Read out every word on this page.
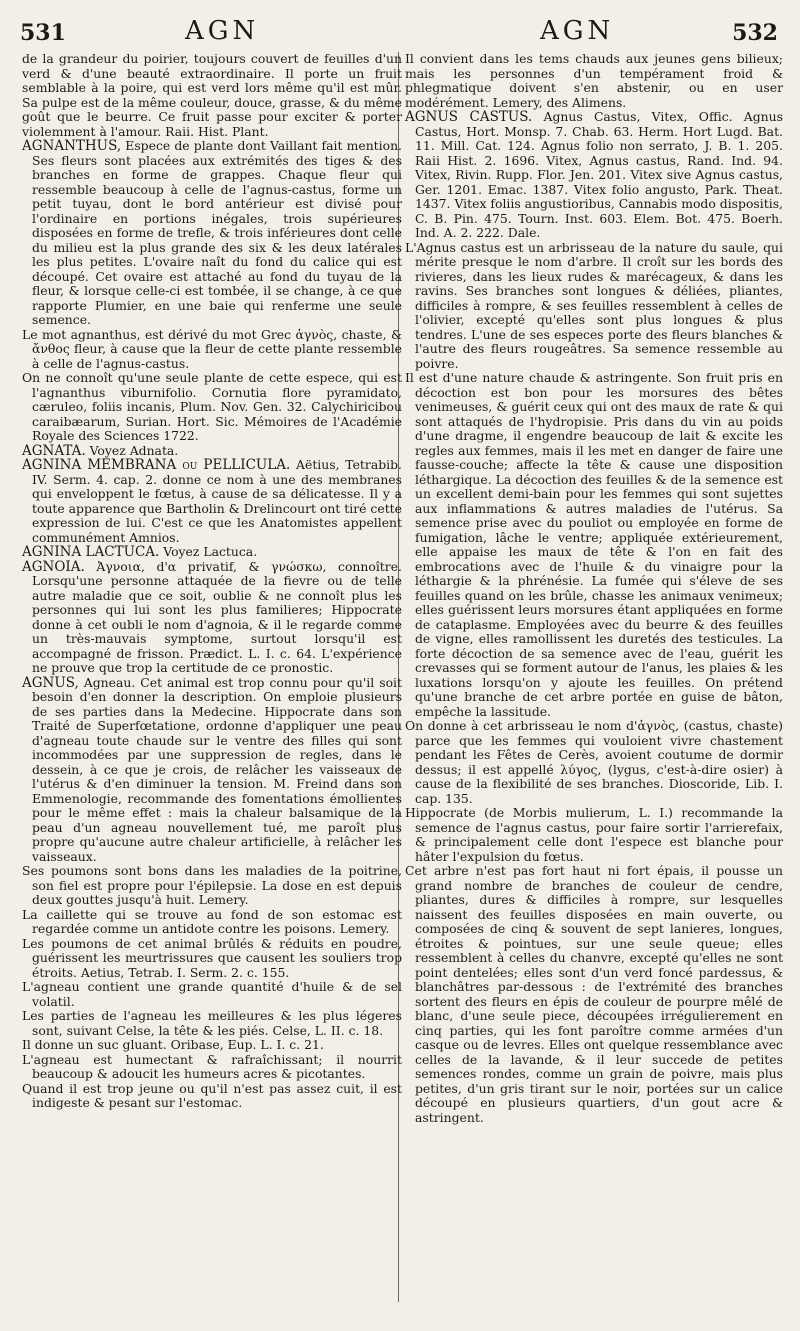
531	AGN	AGN	532

de la grandeur du poirier, toujours couvert de feuilles d'un verd & d'une beauté extraordinaire. Il porte un fruit semblable à la poire, qui est verd lors même qu'il est mûr. Sa pulpe est de la même couleur, douce, grasse, & du même goût que le beurre. Ce fruit passe pour exciter & porter violemment à l'amour. Raii. Hist. Plant.

AGNANTHUS, Espece de plante dont Vaillant fait mention. Ses fleurs sont placées aux extrémités des tiges & des branches en forme de grappes. Chaque fleur qui ressemble beaucoup à celle de l'agnus-castus, forme un petit tuyau, dont le bord antérieur est divisé pour l'ordinaire en portions inégales, trois supérieures disposées en forme de trefle, & trois inférieures dont celle du milieu est la plus grande des six & les deux latérales les plus petites. L'ovaire naît du fond du calice qui est découpé. Cet ovaire est attaché au fond du tuyau de la fleur, & lorsque celle-ci est tombée, il se change, à ce que rapporte Plumier, en une baie qui renferme une seule semence.

Le mot agnanthus, est dérivé du mot Grec ἁγνὸς, chaste, & ἄνθος fleur, à cause que la fleur de cette plante ressemble à celle de l'agnus-castus.

On ne connoît qu'une seule plante de cette espece, qui est l'agnanthus viburnifolio. Cornutia flore pyramidato, cæruleo, foliis incanis, Plum. Nov. Gen. 32. Calychiricibou caraibæarum, Surian. Hort. Sic. Mémoires de l'Académie Royale des Sciences 1722.

AGNATA. Voyez Adnata.

AGNINA MEMBRANA ou PELLICULA. Aëtius, Tetrabib. IV. Serm. 4. cap. 2. donne ce nom à une des membranes qui enveloppent le fœtus, à cause de sa délicatesse. Il y a toute apparence que Bartholin & Drelincourt ont tiré cette expression de lui. C'est ce que les Anatomistes appellent communément Amnios.

AGNINA LACTUCA. Voyez Lactuca.

AGNOIA. Ἀγνοια, d'α privatif, & γνώσκω, connoître. Lorsqu'une personne attaquée de la fievre ou de telle autre maladie que ce soit, oublie & ne connoît plus les personnes qui lui sont les plus familieres; Hippocrate donne à cet oubli le nom d'agnoia, & il le regarde comme un très-mauvais symptome, surtout lorsqu'il est accompagné de frisson. Prædict. L. I. c. 64. L'expérience ne prouve que trop la certitude de ce pronostic.

AGNUS, Agneau. Cet animal est trop connu pour qu'il soit besoin d'en donner la description. On emploie plusieurs de ses parties dans la Medecine. Hippocrate dans son Traité de Superfœtatione, ordonne d'appliquer une peau d'agneau toute chaude sur le ventre des filles qui sont incommodées par une suppression de regles, dans le dessein, à ce que je crois, de relâcher les vaisseaux de l'utérus & d'en diminuer la tension. M. Freind dans son Emmenologie, recommande des fomentations émollientes pour le même effet : mais la chaleur balsamique de la peau d'un agneau nouvellement tué, me paroît plus propre qu'aucune autre chaleur artificielle, à relâcher les vaisseaux.

Ses poumons sont bons dans les maladies de la poitrine, son fiel est propre pour l'épilepsie. La dose en est depuis deux gouttes jusqu'à huit. Lemery.

La caillette qui se trouve au fond de son estomac est regardée comme un antidote contre les poisons. Lemery.

Les poumons de cet animal brûlés & réduits en poudre, guérissent les meurtrissures que causent les souliers trop étroits. Aetius, Tetrab. I. Serm. 2. c. 155.

L'agneau contient une grande quantité d'huile & de sel volatil.

Les parties de l'agneau les meilleures & les plus légeres sont, suivant Celse, la tête & les piés. Celse, L. II. c. 18.

Il donne un suc gluant. Oribase, Eup. L. I. c. 21.

L'agneau est humectant & rafraîchissant; il nourrit beaucoup & adoucit les humeurs acres & picotantes.

Quand il est trop jeune ou qu'il n'est pas assez cuit, il est indigeste & pesant sur l'estomac.

Il convient dans les tems chauds aux jeunes gens bilieux; mais les personnes d'un tempérament froid & phlegmatique doivent s'en abstenir, ou en user modérément. Lemery, des Alimens.

AGNUS CASTUS. Agnus Castus, Vitex, Offic. Agnus Castus, Hort. Monsp. 7. Chab. 63. Herm. Hort Lugd. Bat. 11. Mill. Cat. 124. Agnus folio non serrato, J. B. 1. 205. Raii Hist. 2. 1696. Vitex, Agnus castus, Rand. Ind. 94. Vitex, Rivin. Rupp. Flor. Jen. 201. Vitex sive Agnus castus, Ger. 1201. Emac. 1387. Vitex folio angusto, Park. Theat. 1437. Vitex foliis angustioribus, Cannabis modo dispositis, C. B. Pin. 475. Tourn. Inst. 603. Elem. Bot. 475. Boerh. Ind. A. 2. 222. Dale.

L'Agnus castus est un arbrisseau de la nature du saule, qui mérite presque le nom d'arbre. Il croît sur les bords des rivieres, dans les lieux rudes & marécageux, & dans les ravins. Ses branches sont longues & déliées, pliantes, difficiles à rompre, & ses feuilles ressemblent à celles de l'olivier, excepté qu'elles sont plus longues & plus tendres. L'une de ses especes porte des fleurs blanches & l'autre des fleurs rougeâtres. Sa semence ressemble au poivre.

Il est d'une nature chaude & astringente. Son fruit pris en décoction est bon pour les morsures des bêtes venimeuses, & guérit ceux qui ont des maux de rate & qui sont attaqués de l'hydropisie. Pris dans du vin au poids d'une dragme, il engendre beaucoup de lait & excite les regles aux femmes, mais il les met en danger de faire une fausse-couche; affecte la tête & cause une disposition léthargique. La décoction des feuilles & de la semence est un excellent demi-bain pour les femmes qui sont sujettes aux inflammations & autres maladies de l'utérus. Sa semence prise avec du pouliot ou employée en forme de fumigation, lâche le ventre; appliquée extérieurement, elle appaise les maux de tête & l'on en fait des embrocations avec de l'huile & du vinaigre pour la léthargie & la phrénésie. La fumée qui s'éleve de ses feuilles quand on les brûle, chasse les animaux venimeux; elles guérissent leurs morsures étant appliquées en forme de cataplasme. Employées avec du beurre & des feuilles de vigne, elles ramollissent les duretés des testicules. La forte décoction de sa semence avec de l'eau, guérit les crevasses qui se forment autour de l'anus, les plaies & les luxations lorsqu'on y ajoute les feuilles. On prétend qu'une branche de cet arbre portée en guise de bâton, empêche la lassitude.

On donne à cet arbrisseau le nom d'ἁγνὸς, (castus, chaste) parce que les femmes qui vouloient vivre chastement pendant les Fêtes de Cerès, avoient coutume de dormir dessus; il est appellé λύγος, (lygus, c'est-à-dire osier) à cause de la flexibilité de ses branches. Dioscoride, Lib. I. cap. 135.

Hippocrate (de Morbis mulierum, L. I.) recommande la semence de l'agnus castus, pour faire sortir l'arrierefaix, & principalement celle dont l'espece est blanche pour hâter l'expulsion du fœtus.

Cet arbre n'est pas fort haut ni fort épais, il pousse un grand nombre de branches de couleur de cendre, pliantes, dures & difficiles à rompre, sur lesquelles naissent des feuilles disposées en main ouverte, ou composées de cinq & souvent de sept lanieres, longues, étroites & pointues, sur une seule queue; elles ressemblent à celles du chanvre, excepté qu'elles ne sont point dentelées; elles sont d'un verd foncé pardessus, & blanchâtres par-dessous : de l'extrémité des branches sortent des fleurs en épis de couleur de pourpre mêlé de blanc, d'une seule piece, découpées irrégulierement en cinq parties, qui les font paroître comme armées d'un casque ou de levres. Elles ont quelque ressemblance avec celles de la lavande, & il leur succede de petites semences rondes, comme un grain de poivre, mais plus petites, d'un gris tirant sur le noir, portées sur un calice découpé en plusieurs quartiers, d'un gout acre & astringent.
